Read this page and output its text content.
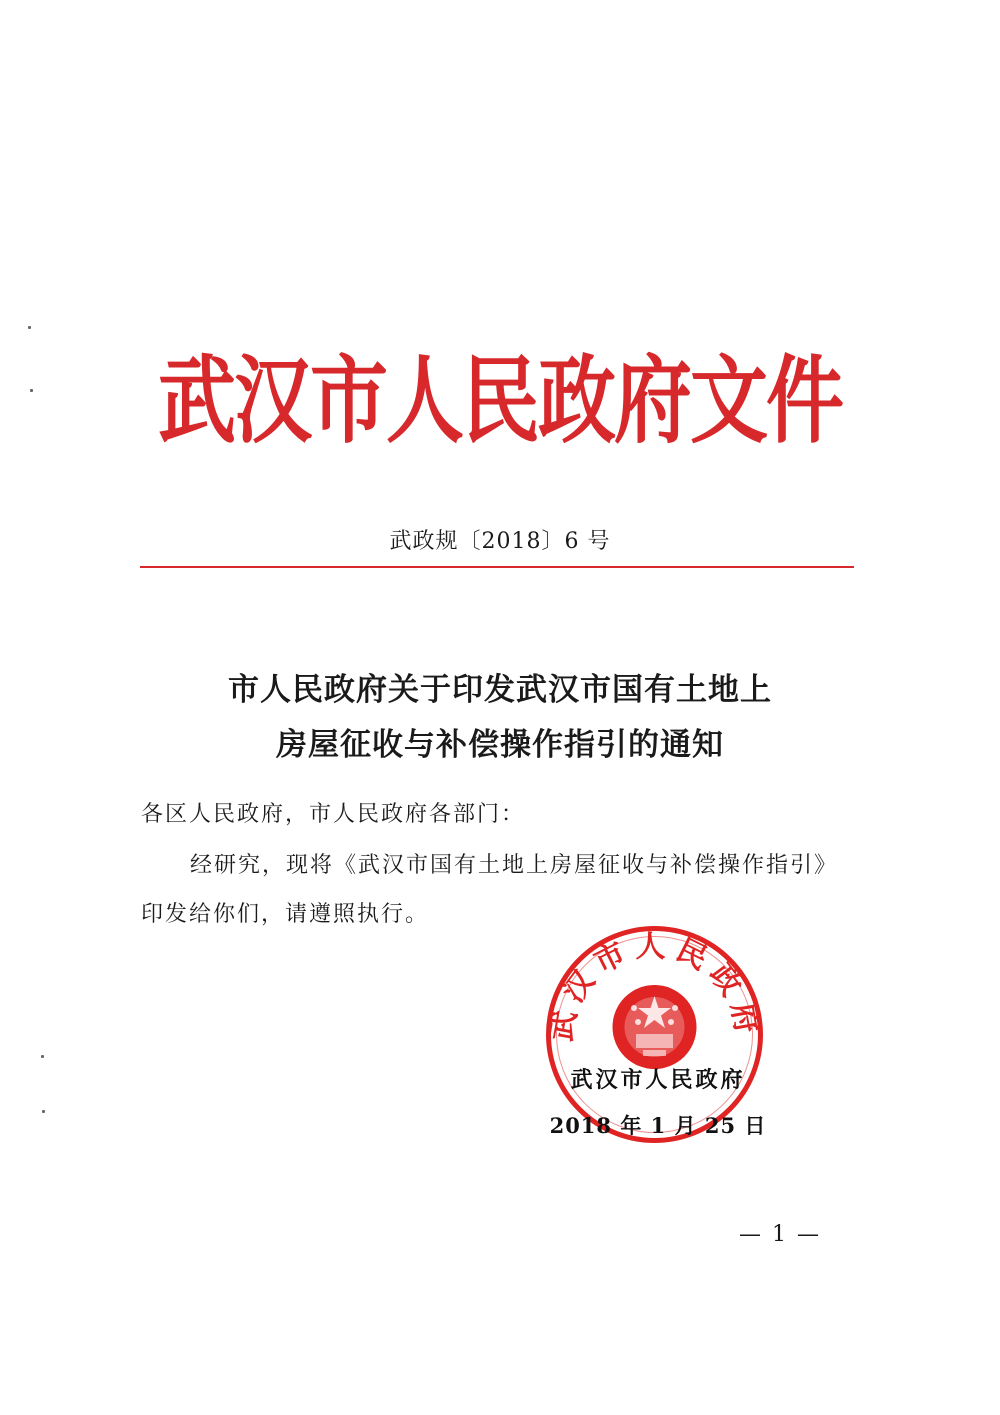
武汉市人民政府文件
武政规〔2018〕6 号
市人民政府关于印发武汉市国有土地上
房屋征收与补偿操作指引的通知
各区人民政府，市人民政府各部门：
经研究，现将《武汉市国有土地上房屋征收与补偿操作指引》
印发给你们，请遵照执行。
武汉市人民政府
武汉市人民政府
2018 年 1 月 25 日
— 1 —
